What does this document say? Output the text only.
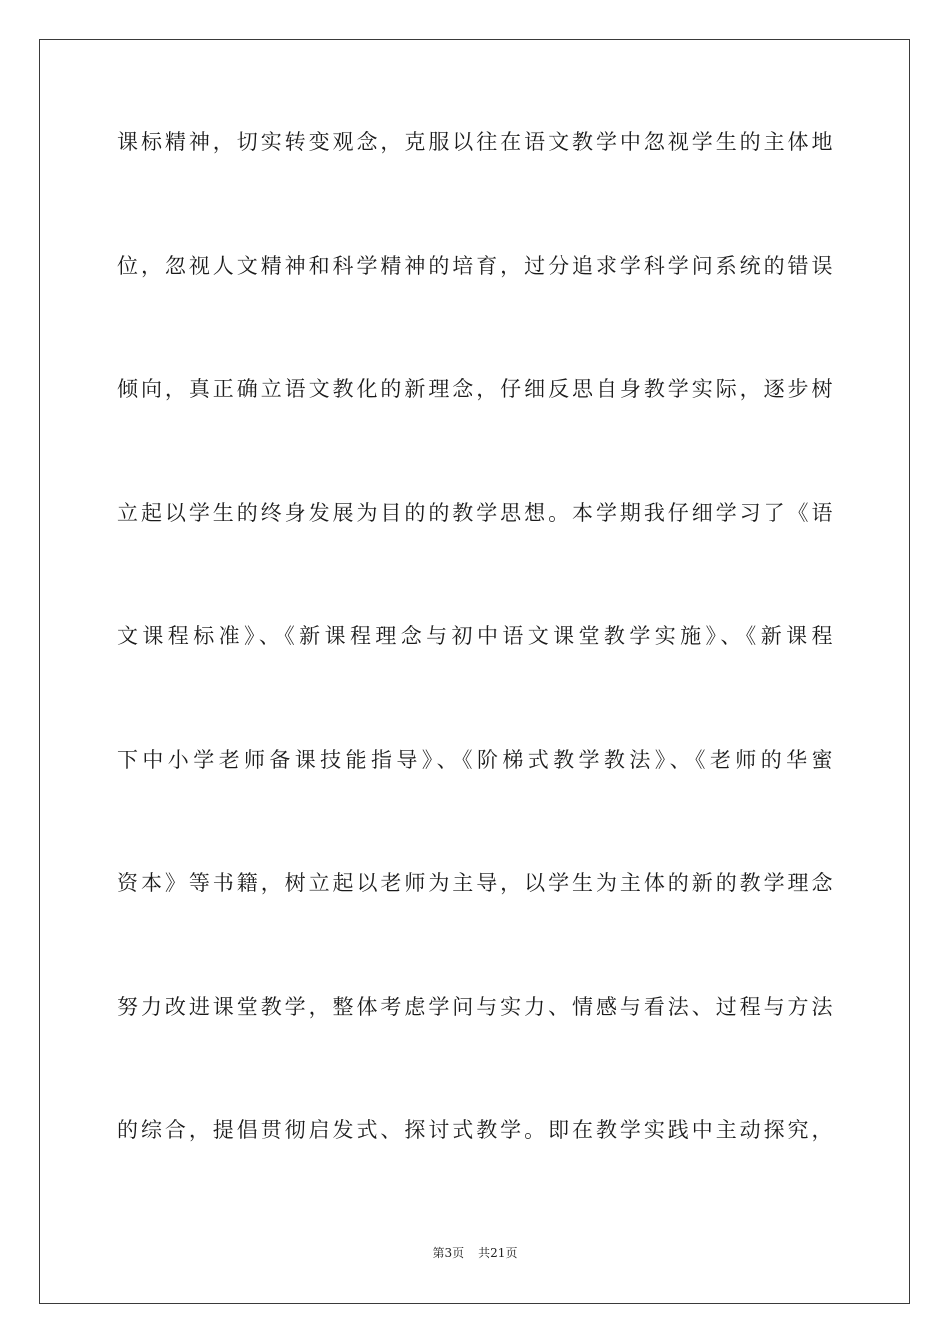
课标精神，切实转变观念，克服以往在语文教学中忽视学生的主体地
位，忽视人文精神和科学精神的培育，过分追求学科学问系统的错误
倾向，真正确立语文教化的新理念，仔细反思自身教学实际，逐步树
立起以学生的终身发展为目的的教学思想。本学期我仔细学习了《语
文课程标准》、《新课程理念与初中语文课堂教学实施》、《新课程
下中小学老师备课技能指导》、《阶梯式教学教法》、《老师的华蜜
资本》等书籍，树立起以老师为主导，以学生为主体的新的教学理念
努力改进课堂教学，整体考虑学问与实力、情感与看法、过程与方法
的综合，提倡贯彻启发式、探讨式教学。即在教学实践中主动探究，
第3页 共21页
